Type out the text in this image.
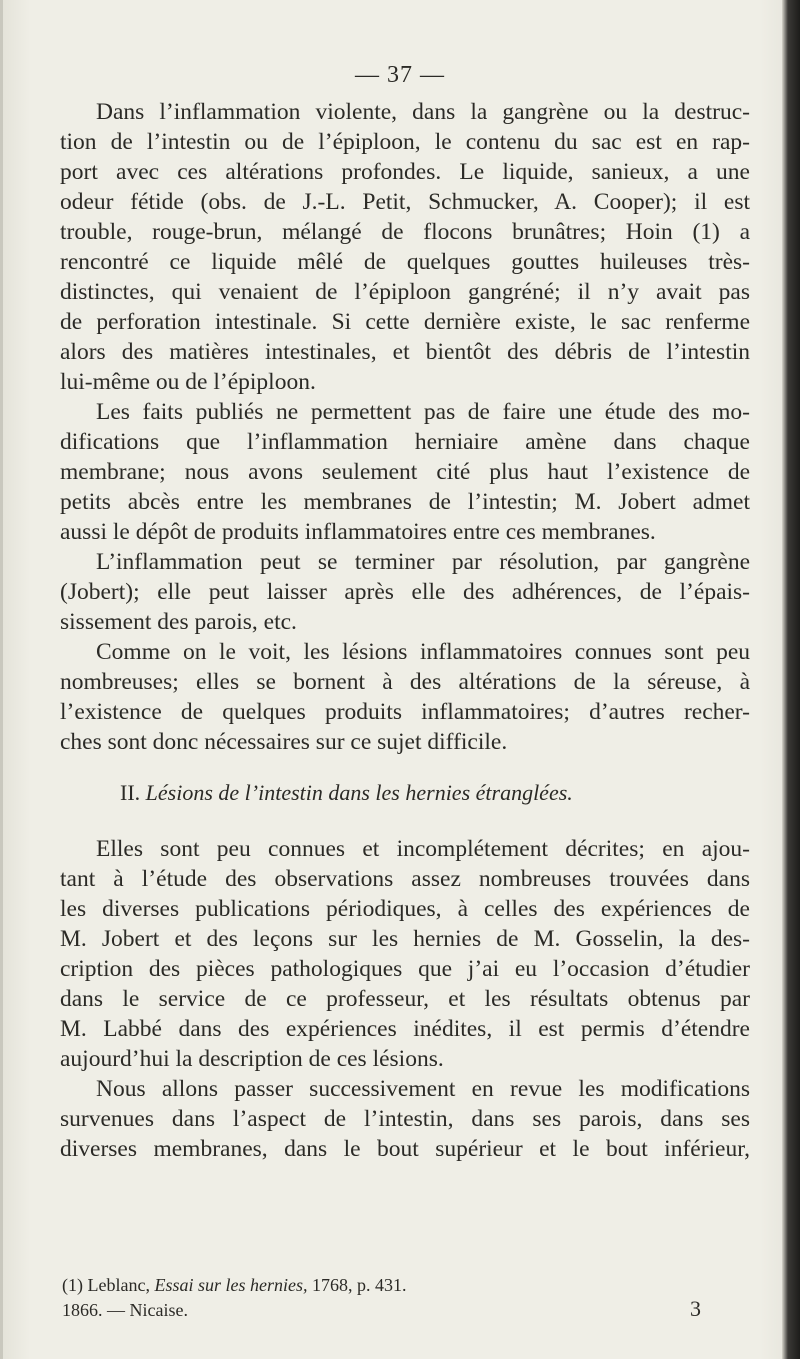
— 37 —
Dans l’inflammation violente, dans la gangrène ou la destruc-
tion de l’intestin ou de l’épiploon, le contenu du sac est en rap-
port avec ces altérations profondes. Le liquide, sanieux, a une
odeur fétide (obs. de J.-L. Petit, Schmucker, A. Cooper); il est
trouble, rouge-brun, mélangé de flocons brunâtres; Hoin (1) a
rencontré ce liquide mêlé de quelques gouttes huileuses très-
distinctes, qui venaient de l’épiploon gangréné; il n’y avait pas
de perforation intestinale. Si cette dernière existe, le sac renferme
alors des matières intestinales, et bientôt des débris de l’intestin
lui-même ou de l’épiploon.
Les faits publiés ne permettent pas de faire une étude des mo-
difications que l’inflammation herniaire amène dans chaque
membrane; nous avons seulement cité plus haut l’existence de
petits abcès entre les membranes de l’intestin; M. Jobert admet
aussi le dépôt de produits inflammatoires entre ces membranes.
L’inflammation peut se terminer par résolution, par gangrène
(Jobert); elle peut laisser après elle des adhérences, de l’épais-
sissement des parois, etc.
Comme on le voit, les lésions inflammatoires connues sont peu
nombreuses; elles se bornent à des altérations de la séreuse, à
l’existence de quelques produits inflammatoires; d’autres recher-
ches sont donc nécessaires sur ce sujet difficile.
II. Lésions de l’intestin dans les hernies étranglées.
Elles sont peu connues et incomplétement décrites; en ajou-
tant à l’étude des observations assez nombreuses trouvées dans
les diverses publications périodiques, à celles des expériences de
M. Jobert et des leçons sur les hernies de M. Gosselin, la des-
cription des pièces pathologiques que j’ai eu l’occasion d’étudier
dans le service de ce professeur, et les résultats obtenus par
M. Labbé dans des expériences inédites, il est permis d’étendre
aujourd’hui la description de ces lésions.
Nous allons passer successivement en revue les modifications
survenues dans l’aspect de l’intestin, dans ses parois, dans ses
diverses membranes, dans le bout supérieur et le bout inférieur,
(1) Leblanc, Essai sur les hernies, 1768, p. 431.
1866. — Nicaise.	3
